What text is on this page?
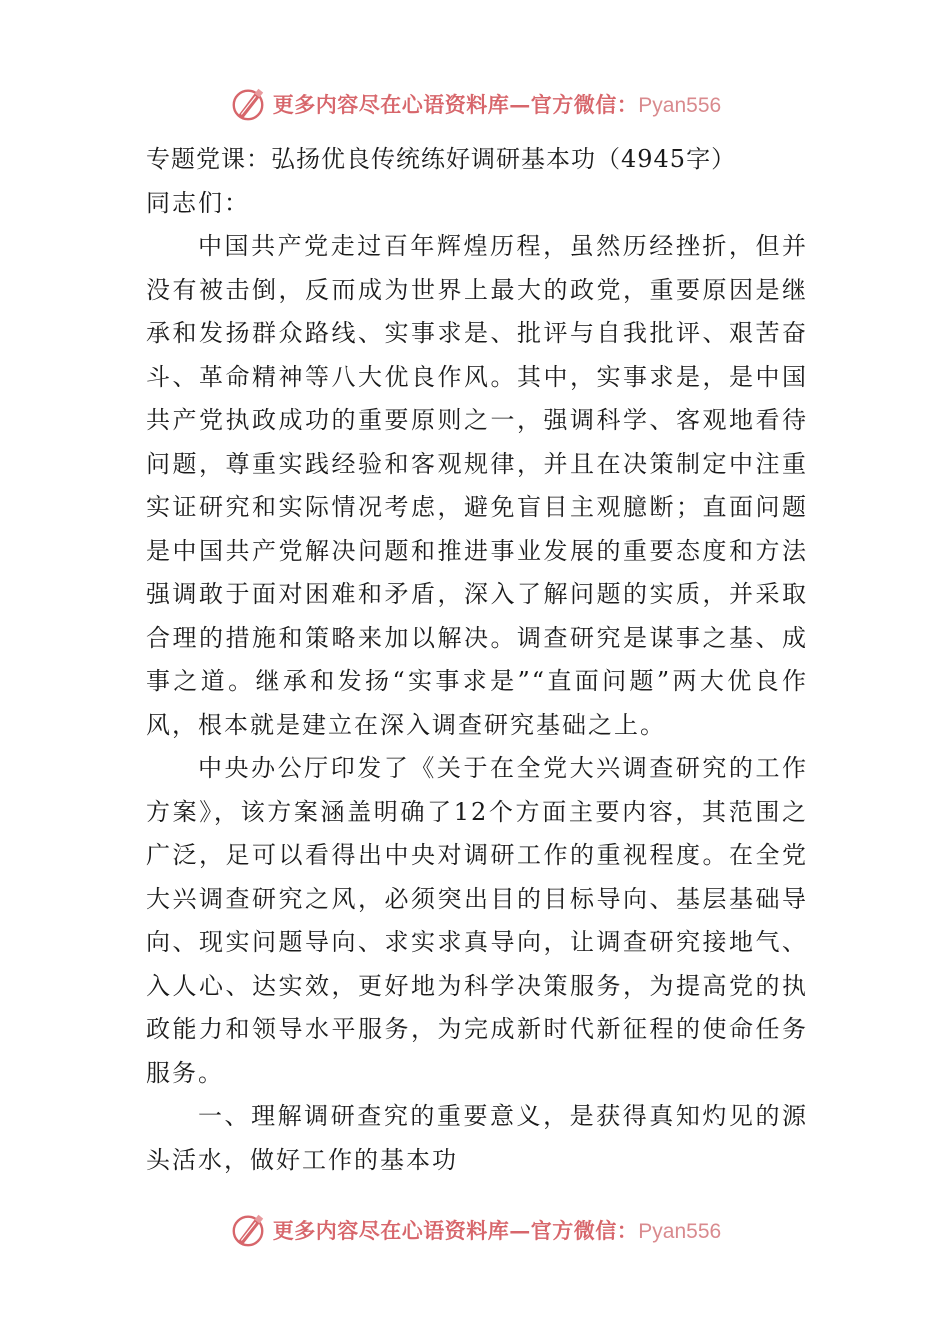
更多内容尽在心语资料库—官方微信：Pyan556

专题党课：弘扬优良传统练好调研基本功（4945字）

同志们：

中国共产党走过百年辉煌历程，虽然历经挫折，但并没有被击倒，反而成为世界上最大的政党，重要原因是继承和发扬群众路线、实事求是、批评与自我批评、艰苦奋斗、革命精神等八大优良作风。其中，实事求是，是中国共产党执政成功的重要原则之一，强调科学、客观地看待问题，尊重实践经验和客观规律，并且在决策制定中注重实证研究和实际情况考虑，避免盲目主观臆断；直面问题是中国共产党解决问题和推进事业发展的重要态度和方法强调敢于面对困难和矛盾，深入了解问题的实质，并采取合理的措施和策略来加以解决。调查研究是谋事之基、成事之道。继承和发扬“实事求是”“直面问题”两大优良作风，根本就是建立在深入调查研究基础之上。

中央办公厅印发了《关于在全党大兴调查研究的工作方案》，该方案涵盖明确了12个方面主要内容，其范围之广泛，足可以看得出中央对调研工作的重视程度。在全党大兴调查研究之风，必须突出目的目标导向、基层基础导向、现实问题导向、求实求真导向，让调查研究接地气、入人心、达实效，更好地为科学决策服务，为提高党的执政能力和领导水平服务，为完成新时代新征程的使命任务服务。

一、理解调研查究的重要意义，是获得真知灼见的源头活水，做好工作的基本功

更多内容尽在心语资料库—官方微信：Pyan556
